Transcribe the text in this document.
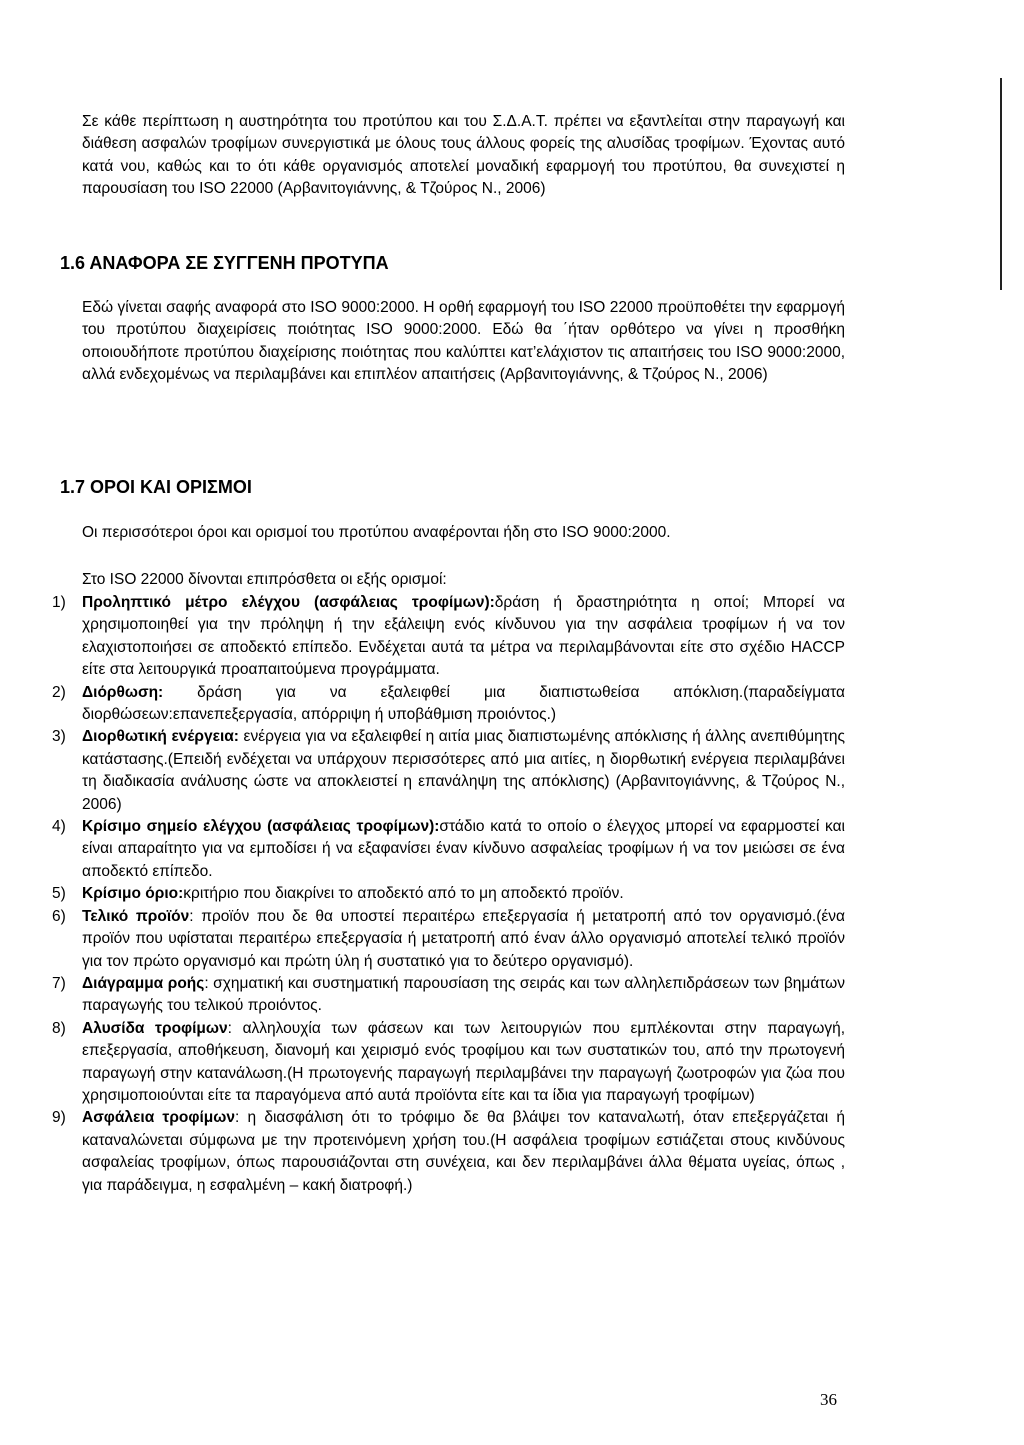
Σε κάθε περίπτωση η αυστηρότητα του προτύπου και του Σ.Δ.Α.Τ. πρέπει να εξαντλείται στην παραγωγή και διάθεση ασφαλών τροφίμων συνεργιστικά με όλους τους άλλους φορείς της αλυσίδας τροφίμων. Έχοντας αυτό κατά νου, καθώς και το ότι κάθε οργανισμός αποτελεί μοναδική εφαρμογή του προτύπου, θα συνεχιστεί η παρουσίαση του ISO 22000 (Αρβανιτογιάννης, & Τζούρος Ν., 2006)

1.6 ΑΝΑΦΟΡΑ ΣΕ ΣΥΓΓΕΝΗ ΠΡΟΤΥΠΑ

Εδώ γίνεται σαφής αναφορά στο ISO 9000:2000. Η ορθή εφαρμογή του ISO 22000 προϋποθέτει την εφαρμογή του προτύπου διαχειρίσεις ποιότητας ISO 9000:2000. Εδώ θα ΄ήταν ορθότερο να γίνει η προσθήκη οποιουδήποτε προτύπου διαχείρισης ποιότητας που καλύπτει κατ’ελάχιστον τις απαιτήσεις του ISO 9000:2000, αλλά ενδεχομένως να περιλαμβάνει και επιπλέον απαιτήσεις (Αρβανιτογιάννης, & Τζούρος Ν., 2006)

1.7 ΟΡΟΙ ΚΑΙ ΟΡΙΣΜΟΙ

Οι περισσότεροι όροι και ορισμοί του προτύπου αναφέρονται ήδη στο ISO 9000:2000.

Στο ISO 22000 δίνονται επιπρόσθετα οι εξής ορισμοί:

1) Προληπτικό μέτρο ελέγχου (ασφάλειας τροφίμων):δράση ή δραστηριότητα η οποί; Μπορεί να χρησιμοποιηθεί για την πρόληψη ή την εξάλειψη ενός κίνδυνου για την ασφάλεια τροφίμων ή να τον ελαχιστοποιήσει σε αποδεκτό επίπεδο. Ενδέχεται αυτά τα μέτρα να περιλαμβάνονται είτε στο σχέδιο HACCP είτε στα λειτουργικά προαπαιτούμενα προγράμματα.
2) Διόρθωση: δράση για να εξαλειφθεί μια διαπιστωθείσα απόκλιση.(παραδείγματα διορθώσεων:επανεπεξεργασία, απόρριψη ή υποβάθμιση προιόντος.)
3) Διορθωτική ενέργεια: ενέργεια για να εξαλειφθεί η αιτία μιας διαπιστωμένης απόκλισης ή άλλης ανεπιθύμητης κατάστασης.(Επειδή ενδέχεται να υπάρχουν περισσότερες από μια αιτίες, η διορθωτική ενέργεια περιλαμβάνει τη διαδικασία ανάλυσης ώστε να αποκλειστεί η επανάληψη της απόκλισης) (Αρβανιτογιάννης, & Τζούρος Ν., 2006)
4) Κρίσιμο σημείο ελέγχου (ασφάλειας τροφίμων):στάδιο κατά το οποίο ο έλεγχος μπορεί να εφαρμοστεί και είναι απαραίτητο για να εμποδίσει ή να εξαφανίσει έναν κίνδυνο ασφαλείας τροφίμων ή να τον μειώσει σε ένα αποδεκτό επίπεδο.
5) Κρίσιμο όριο:κριτήριο που διακρίνει το αποδεκτό από το μη αποδεκτό προϊόν.
6) Τελικό προϊόν: προϊόν που δε θα υποστεί περαιτέρω επεξεργασία ή μετατροπή από τον οργανισμό.(ένα προϊόν που υφίσταται περαιτέρω επεξεργασία ή μετατροπή από έναν άλλο οργανισμό αποτελεί τελικό προϊόν για τον πρώτο οργανισμό και πρώτη ύλη ή συστατικό για το δεύτερο οργανισμό).
7) Διάγραμμα ροής: σχηματική και συστηματική παρουσίαση της σειράς και των αλληλεπιδράσεων των βημάτων παραγωγής του τελικού προιόντος.
8) Αλυσίδα τροφίμων: αλληλουχία των φάσεων και των λειτουργιών που εμπλέκονται στην παραγωγή, επεξεργασία, αποθήκευση, διανομή και χειρισμό ενός τροφίμου και των συστατικών του, από την πρωτογενή παραγωγή στην κατανάλωση.(Η πρωτογενής παραγωγή περιλαμβάνει την παραγωγή ζωοτροφών για ζώα που χρησιμοποιούνται είτε τα παραγόμενα από αυτά προϊόντα είτε και τα ίδια για παραγωγή τροφίμων)
9) Ασφάλεια τροφίμων: η διασφάλιση ότι το τρόφιμο δε θα βλάψει τον καταναλωτή, όταν επεξεργάζεται ή καταναλώνεται σύμφωνα με την προτεινόμενη χρήση του.(Η ασφάλεια τροφίμων εστιάζεται στους κινδύνους ασφαλείας τροφίμων, όπως παρουσιάζονται στη συνέχεια, και δεν περιλαμβάνει άλλα θέματα υγείας, όπως , για παράδειγμα, η εσφαλμένη – κακή διατροφή.)
36
